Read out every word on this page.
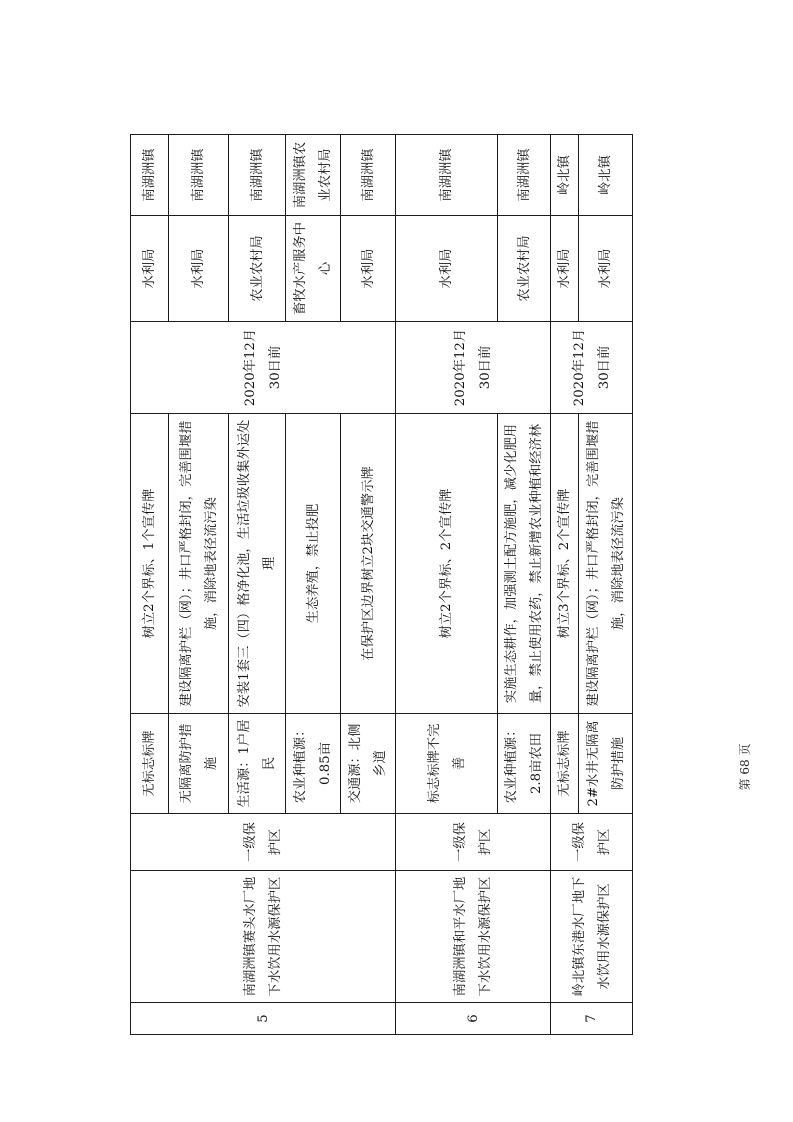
5	南湖洲镇赛头水厂地下水饮用水源保护区	一级保护区	无标志标牌	树立2个界标、1个宣传牌	2020年12月30日前	水利局	南湖洲镇
			无隔离防护措施	建设隔离护栏（网）；井口严格封闭，完善围堰措施，消除地表径流污染		水利局	南湖洲镇
			生活源：1户居民	安装1套三（四）格净化池，生活垃圾收集外运处理		农业农村局	南湖洲镇
			农业种植源：0.85亩	生态养殖，禁止投肥		畜牧水产服务中心	南湖洲镇农业农村局
			交通源：北侧乡道	在保护区边界树立2块交通警示牌		水利局	南湖洲镇
6	南湖洲镇和平水厂地下水饮用水源保护区	一级保护区	标志标牌不完善	树立2个界标、2个宣传牌	2020年12月30日前	水利局	南湖洲镇
			农业种植源：2.8亩农田	实施生态耕作，加强测土配方施肥，减少化肥用量，禁止使用农药，禁止新增农业种植和经济林		农业农村局	南湖洲镇
7	岭北镇东港水厂地下水饮用水源保护区	一级保护区	无标志标牌	树立3个界标、2个宣传牌	2020年12月30日前	水利局	岭北镇
			2#水井无隔离防护措施	建设隔离护栏（网）；井口严格封闭，完善围堰措施，消除地表径流污染		水利局	岭北镇
第 68 页
